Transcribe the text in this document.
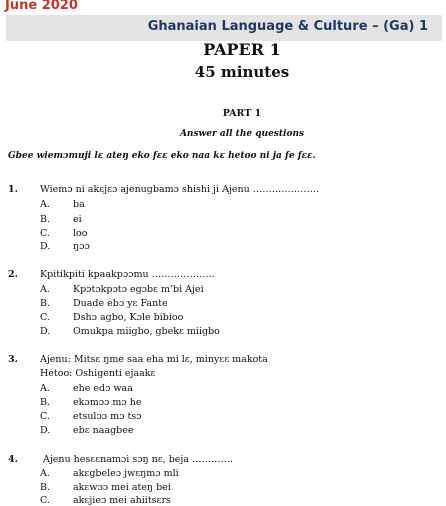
June 2020
Ghanaian Language & Culture – (Ga) 1
PAPER 1
45 minutes
PART 1
Answer all the questions
Gbee wiemɔmuji lɛ ateŋ eko fɛɛ eko naa kɛ hetoo ni ja fe fɛɛ.
1. Wiemɔ ni akɛjɛɔ ajenugbamɔ shishi ji Ajenu …………………
A. ba
B. ei
C. loo
D. ŋɔɔ
2. Kpitikpiti kpaakpɔɔmu ………………..
A. Kpɔtɔkpɔtɔ egɔbɛ m’bi Ajei
B. Duade ebɔ yɛ Fante
C. Dshɔ agbo, Kɔle bibioo
D. Omukpa miigbo, gbekɛ miigbo
3. Ajenu: Mitsɛ ŋme saa eha mi lɛ, minyɛɛ makota
Hetoo: Oshigenti ejaakɛ
A. ehe edɔ waa
B. ekɔmɔɔ mɔ he
C. etsulɔɔ mɔ tsɔ
D. ebɛ naagbee
4.	Ajenu hesɛɛnamɔi sɔŋ nɛ, beja ………….
A. akɛgbeleɔ jwɛŋmɔ mli
B. akɛwɔɔ mei ateŋ bei
C. akɛjieɔ mei ahiitsɛrs
